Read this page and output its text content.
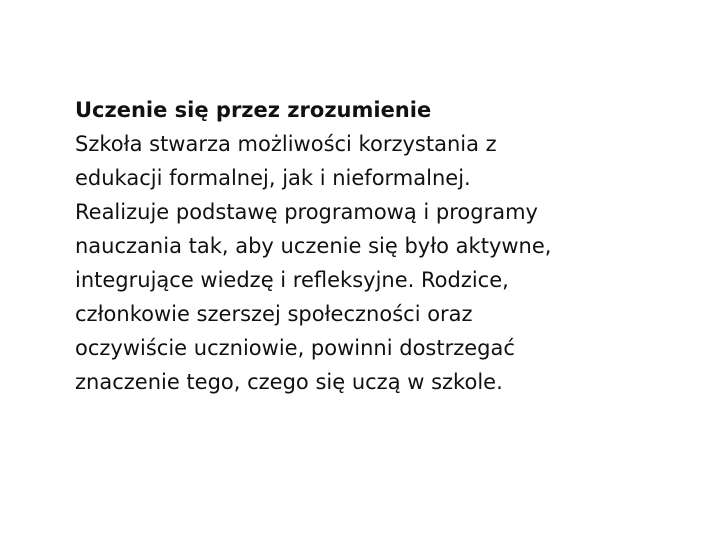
Uczenie się przez zrozumienie

Szkoła stwarza możliwości korzystania z

edukacji formalnej, jak i nieformalnej.

Realizuje podstawę programową i programy

nauczania tak, aby uczenie się było aktywne,

integrujące wiedzę i refleksyjne. Rodzice,

członkowie szerszej społeczności oraz

oczywiście uczniowie, powinni dostrzegać

znaczenie tego, czego się uczą w szkole.
